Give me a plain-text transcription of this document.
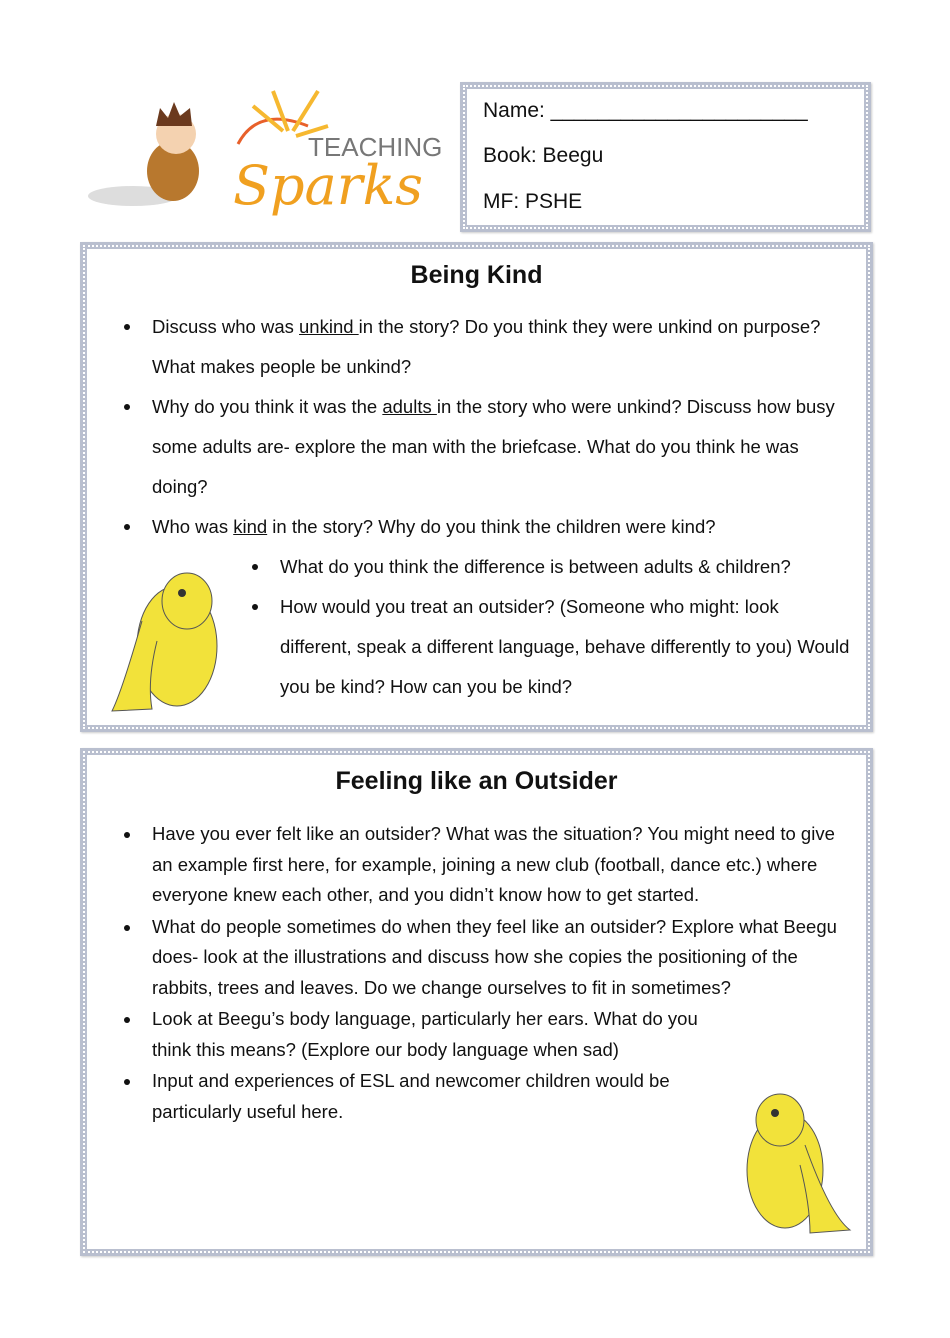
TEACHING
Sparks
Name: ______________________
Book: Beegu
MF: PSHE
Being Kind
Discuss who was unkind in the story? Do you think they were unkind on purpose? What makes people be unkind?
Why do you think it was the adults in the story who were unkind? Discuss how busy some adults are- explore the man with the briefcase. What do you think he was doing?
Who was kind in the story? Why do you think the children were kind?
What do you think the difference is between adults & children?
How would you treat an outsider? (Someone who might: look different, speak a different language, behave differently to you) Would you be kind? How can you be kind?
Feeling like an Outsider
Have you ever felt like an outsider? What was the situation? You might need to give an example first here, for example, joining a new club (football, dance etc.) where everyone knew each other, and you didn’t know how to get started.
What do people sometimes do when they feel like an outsider? Explore what Beegu does- look at the illustrations and discuss how she copies the positioning of the rabbits, trees and leaves. Do we change ourselves to fit in sometimes?
Look at Beegu’s body language, particularly her ears. What do you think this means? (Explore our body language when sad)
Input and experiences of ESL and newcomer children would be particularly useful here.
